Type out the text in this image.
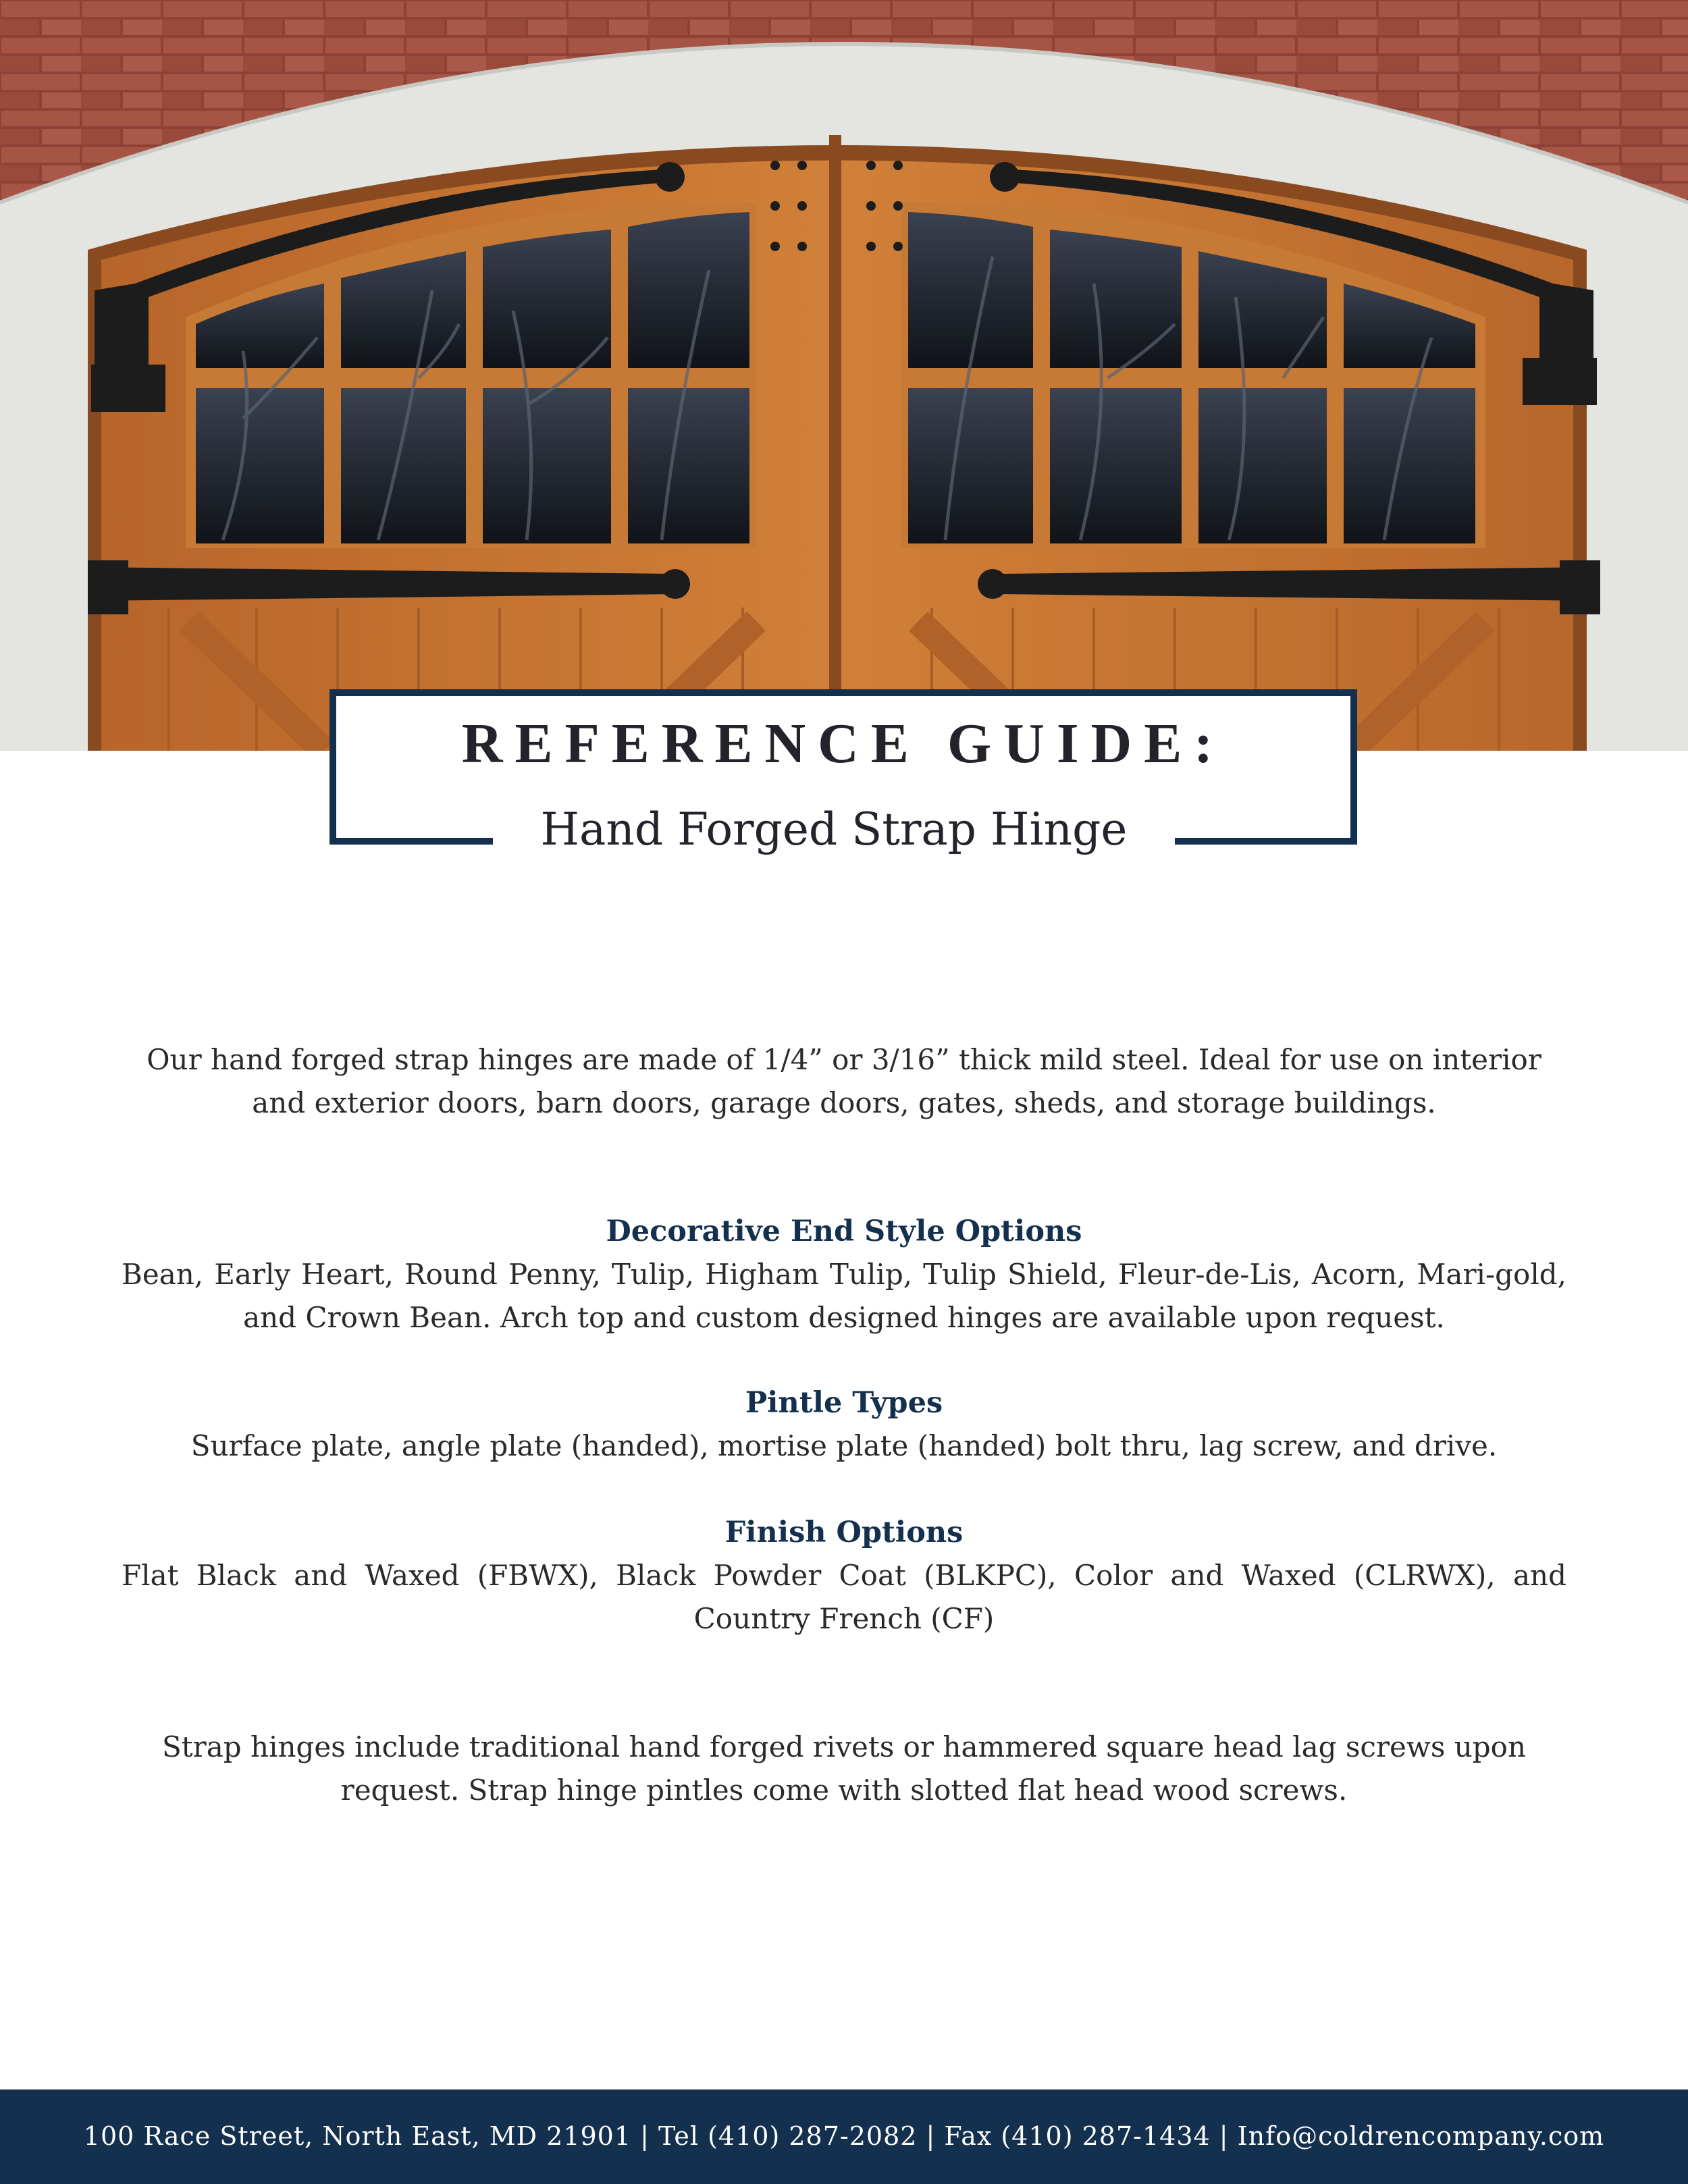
REFERENCE GUIDE:
Hand Forged Strap Hinge
Our hand forged strap hinges are made of 1/4” or 3/16” thick mild steel. Ideal for use on interior and exterior doors, barn doors, garage doors, gates, sheds, and storage buildings.
Decorative End Style Options
Bean, Early Heart, Round Penny, Tulip, Higham Tulip, Tulip Shield, Fleur-de-Lis, Acorn, Mari-gold, and Crown Bean. Arch top and custom designed hinges are available upon request.
Pintle Types
Surface plate, angle plate (handed), mortise plate (handed) bolt thru, lag screw, and drive.
Finish Options
Flat Black and Waxed (FBWX), Black Powder Coat (BLKPC), Color and Waxed (CLRWX), and Country French (CF)
Strap hinges include traditional hand forged rivets or hammered square head lag screws upon request. Strap hinge pintles come with slotted flat head wood screws.
100 Race Street, North East, MD 21901 | Tel (410) 287-2082 | Fax (410) 287-1434 | Info@coldrencompany.com
